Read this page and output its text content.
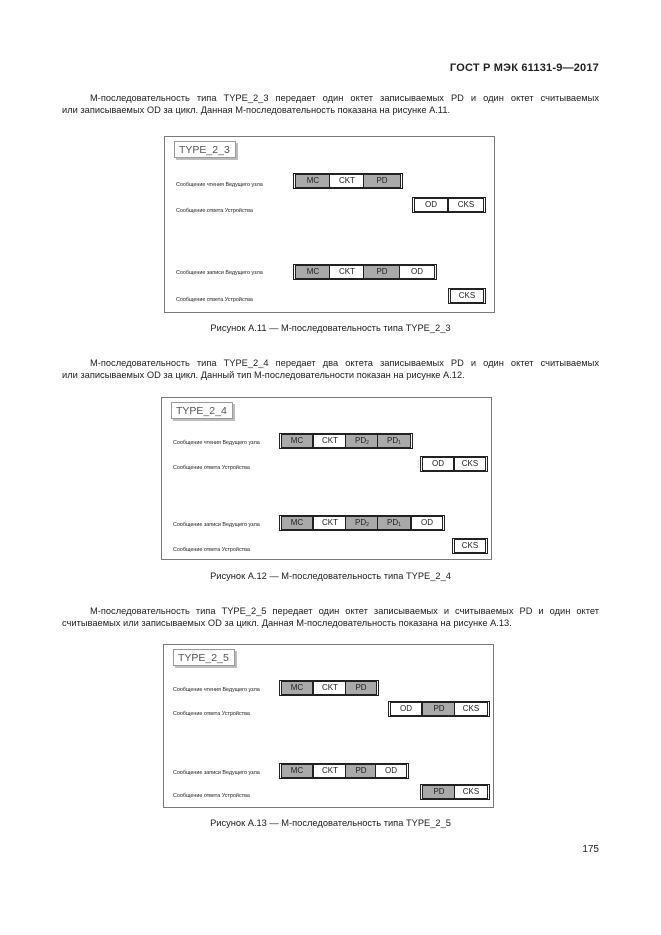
ГОСТ Р МЭК 61131-9—2017
М-последовательность типа TYPE_2_3 передает один октет записываемых PD и один октет считываемых
или записываемых OD за цикл. Данная М-последовательность показана на рисунке А.11.
TYPE_2_3
Сообщение чтения Ведущего узла	MC	CKT	PD
Сообщение ответа Устройства
OD	CKS
Сообщение записи Ведущего узла	MC	CKT	PD	OD
Сообщение ответа Устройства	CKS
Рисунок А.11 — М-последовательность типа TYPE_2_3
М-последовательность типа TYPE_2_4 передает два октета записываемых PD и один октет считываемых
или записываемых OD за цикл. Данный тип М-последовательности показан на рисунке А.12.
TYPE_2_4
Сообщение чтения Ведущего узла	MC	CKT	$PD_2$	$PD_1$
Сообщение ответа Устройства	OD	CKS
Сообщение записи Ведущего узла	MC	CKT	$PD_2$	$PD_1$	OD
Сообщение ответа Устройства	CKS
Рисунок А.12 — М-последовательность типа TYPE_2_4
М-последовательность типа TYPE_2_5 передает один октет записываемых и считываемых PD и один октет
считываемых или записываемых OD за цикл. Данная М-последовательность показана на рисунке А.13.
TYPE_2_5
Сообщение чтения Ведущего узла	MC	CKT	PD
Сообщение ответа Устройства
OD	PD	CKS
Сообщение записи Ведущего узла	MC	CKT	PD	OD
Сообщение ответа Устройства	PD	CKS
Рисунок А.13 — М-последовательность типа TYPE_2_5
175
